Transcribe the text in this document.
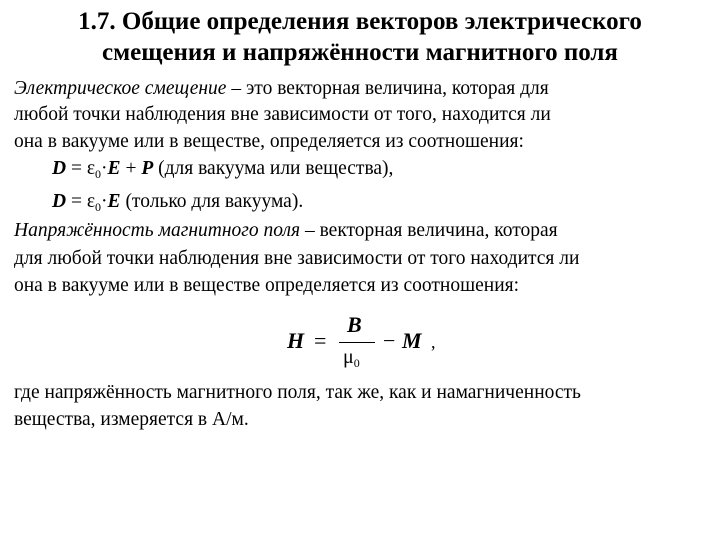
1.7. Общие определения векторов электрического
смещения и напряжённости магнитного поля
Электрическое смещение – это векторная величина, которая для
любой точки наблюдения вне зависимости от того, находится ли
она в вакууме или в веществе, определяется из соотношения:
$D = \varepsilon_0\cdot E + P$ (для вакуума или вещества),
$D = \varepsilon_0\cdot E$ (только для вакуума).
Напряжённость магнитного поля – векторная величина, которая
для любой точки наблюдения вне зависимости от того находится ли
она в вакууме или в веществе определяется из соотношения:
H =
B
$\mu_0$
− M ,
где напряжённость магнитного поля, так же, как и намагниченность
вещества, измеряется в А/м.
